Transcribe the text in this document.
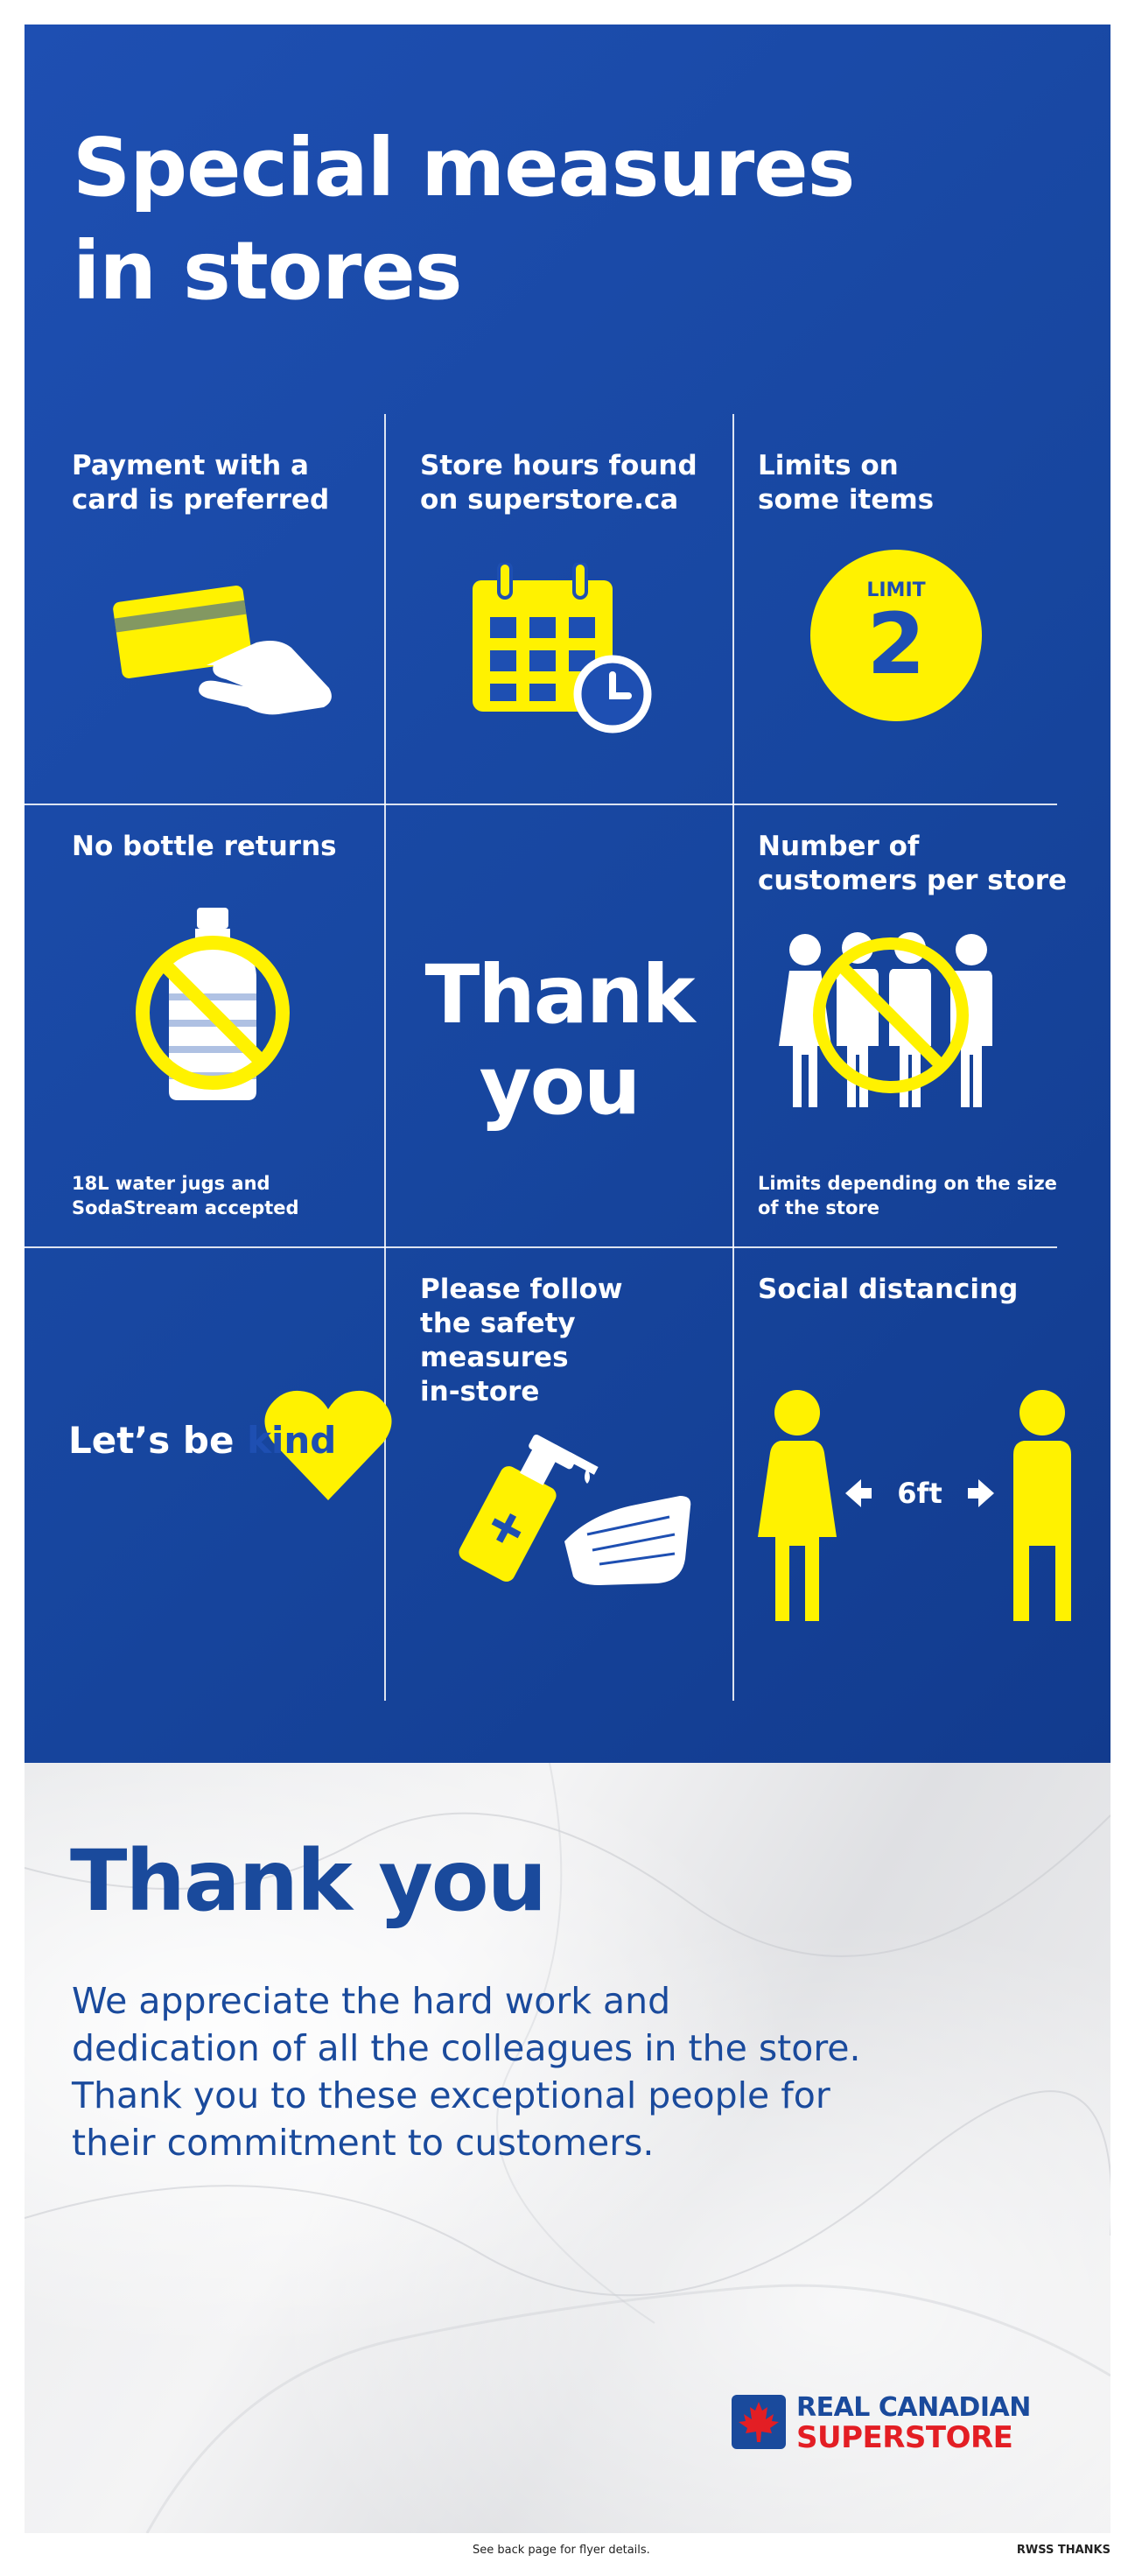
Special measures
in stores

Payment with a
card is preferred

Store hours found
on superstore.ca

Limits on
some items

LIMIT
2

No bottle returns

18L water jugs and
SodaStream accepted

Thank
you

Number of
customers per store

Limits depending on the size
of the store

Let’s be kind

Please follow
the safety measures
in-store

Social distancing

6ft
Thank you

We appreciate the hard work and
dedication of all the colleagues in the store.
Thank you to these exceptional people for
their commitment to customers.

REAL CANADIAN

SUPERSTORE

See back page for flyer details.	RWSS THANKS
